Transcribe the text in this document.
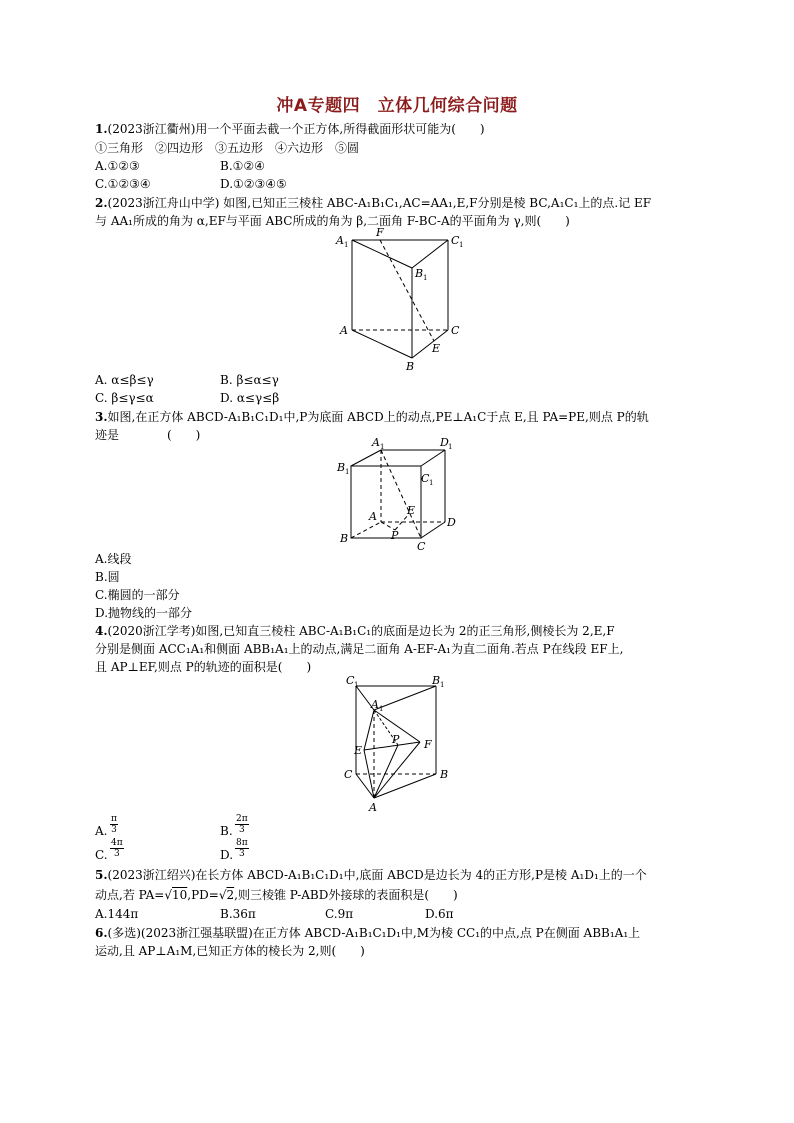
冲A专题四　立体几何综合问题
1.(2023浙江衢州)用一个平面去截一个正方体,所得截面形状可能为(　　)
①三角形　②四边形　③五边形　④六边形　⑤圆
A.①②③	B.①②④
C.①②③④	D.①②③④⑤
2.(2023浙江舟山中学) 如图,已知正三棱柱 ABC-A₁B₁C₁,AC=AA₁,E,F分别是棱 BC,A₁C₁上的点.记 EF
与 AA₁所成的角为 α,EF与平面 ABC所成的角为 β,二面角 F-BC-A的平面角为 γ,则(　　)
A 1
F
C 1
B 1
A	C
E
B
A. α≤β≤γ	B. β≤α≤γ
C. β≤γ≤α	D. α≤γ≤β
3.如图,在正方体 ABCD-A₁B₁C₁D₁中,P为底面 ABCD上的动点,PE⊥A₁C于点 E,且 PA=PE,则点 P的轨
迹是　　　　(　　)
A 1	D 1
B 1	C 1
A	D
E
P
B
C
A.线段
B.圆
C.椭圆的一部分
D.抛物线的一部分
4.(2020浙江学考)如图,已知直三棱柱 ABC-A₁B₁C₁的底面是边长为 2的正三角形,侧棱长为 2,E,F
分别是侧面 ACC₁A₁和侧面 ABB₁A₁上的动点,满足二面角 A-EF-A₁为直二面角.若点 P在线段 EF上,
且 AP⊥EF,则点 P的轨迹的面积是(　　)
C 1	B 1
A 1
P F
E
C	B
A
A. $\frac{\pi}{3}$	B. $\frac{2\pi}{3}$
C. $\frac{4\pi}{3}$	D. $\frac{8\pi}{3}$
5.(2023浙江绍兴)在长方体 ABCD-A₁B₁C₁D₁中,底面 ABCD是边长为 4的正方形,P是棱 A₁D₁上的一个
动点,若 PA=√10,PD=√2,则三棱锥 P-ABD外接球的表面积是(　　)
A.144π	B.36π	C.9π	D.6π
6.(多选)(2023浙江强基联盟)在正方体 ABCD-A₁B₁C₁D₁中,M为棱 CC₁的中点,点 P在侧面 ABB₁A₁上
运动,且 AP⊥A₁M,已知正方体的棱长为 2,则(　　)
